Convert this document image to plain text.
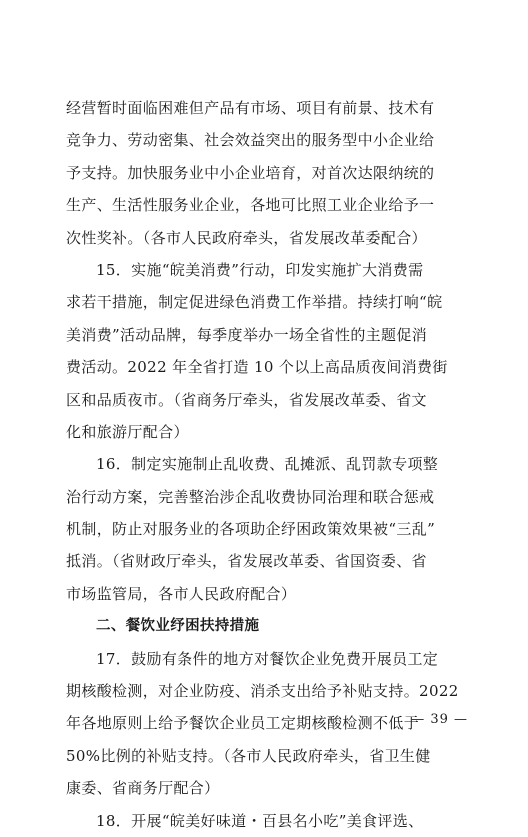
经营暂时面临困难但产品有市场、项目有前景、技术有
竞争力、劳动密集、社会效益突出的服务型中小企业给
予支持。加快服务业中小企业培育，对首次达限纳统的
生产、生活性服务业企业，各地可比照工业企业给予一
次性奖补。（各市人民政府牵头，省发展改革委配合）
15．实施“皖美消费”行动，印发实施扩大消费需
求若干措施，制定促进绿色消费工作举措。持续打响“皖
美消费”活动品牌，每季度举办一场全省性的主题促消
费活动。2022 年全省打造 10 个以上高品质夜间消费街
区和品质夜市。（省商务厅牵头，省发展改革委、省文
化和旅游厅配合）
16．制定实施制止乱收费、乱摊派、乱罚款专项整
治行动方案，完善整治涉企乱收费协同治理和联合惩戒
机制，防止对服务业的各项助企纾困政策效果被“三乱”
抵消。（省财政厅牵头，省发展改革委、省国资委、省
市场监管局，各市人民政府配合）
二、餐饮业纾困扶持措施
17．鼓励有条件的地方对餐饮企业免费开展员工定
期核酸检测，对企业防疫、消杀支出给予补贴支持。2022
年各地原则上给予餐饮企业员工定期核酸检测不低于
50%比例的补贴支持。（各市人民政府牵头，省卫生健
康委、省商务厅配合）
18．开展“皖美好味道・百县名小吃”美食评选、
— 39 —
